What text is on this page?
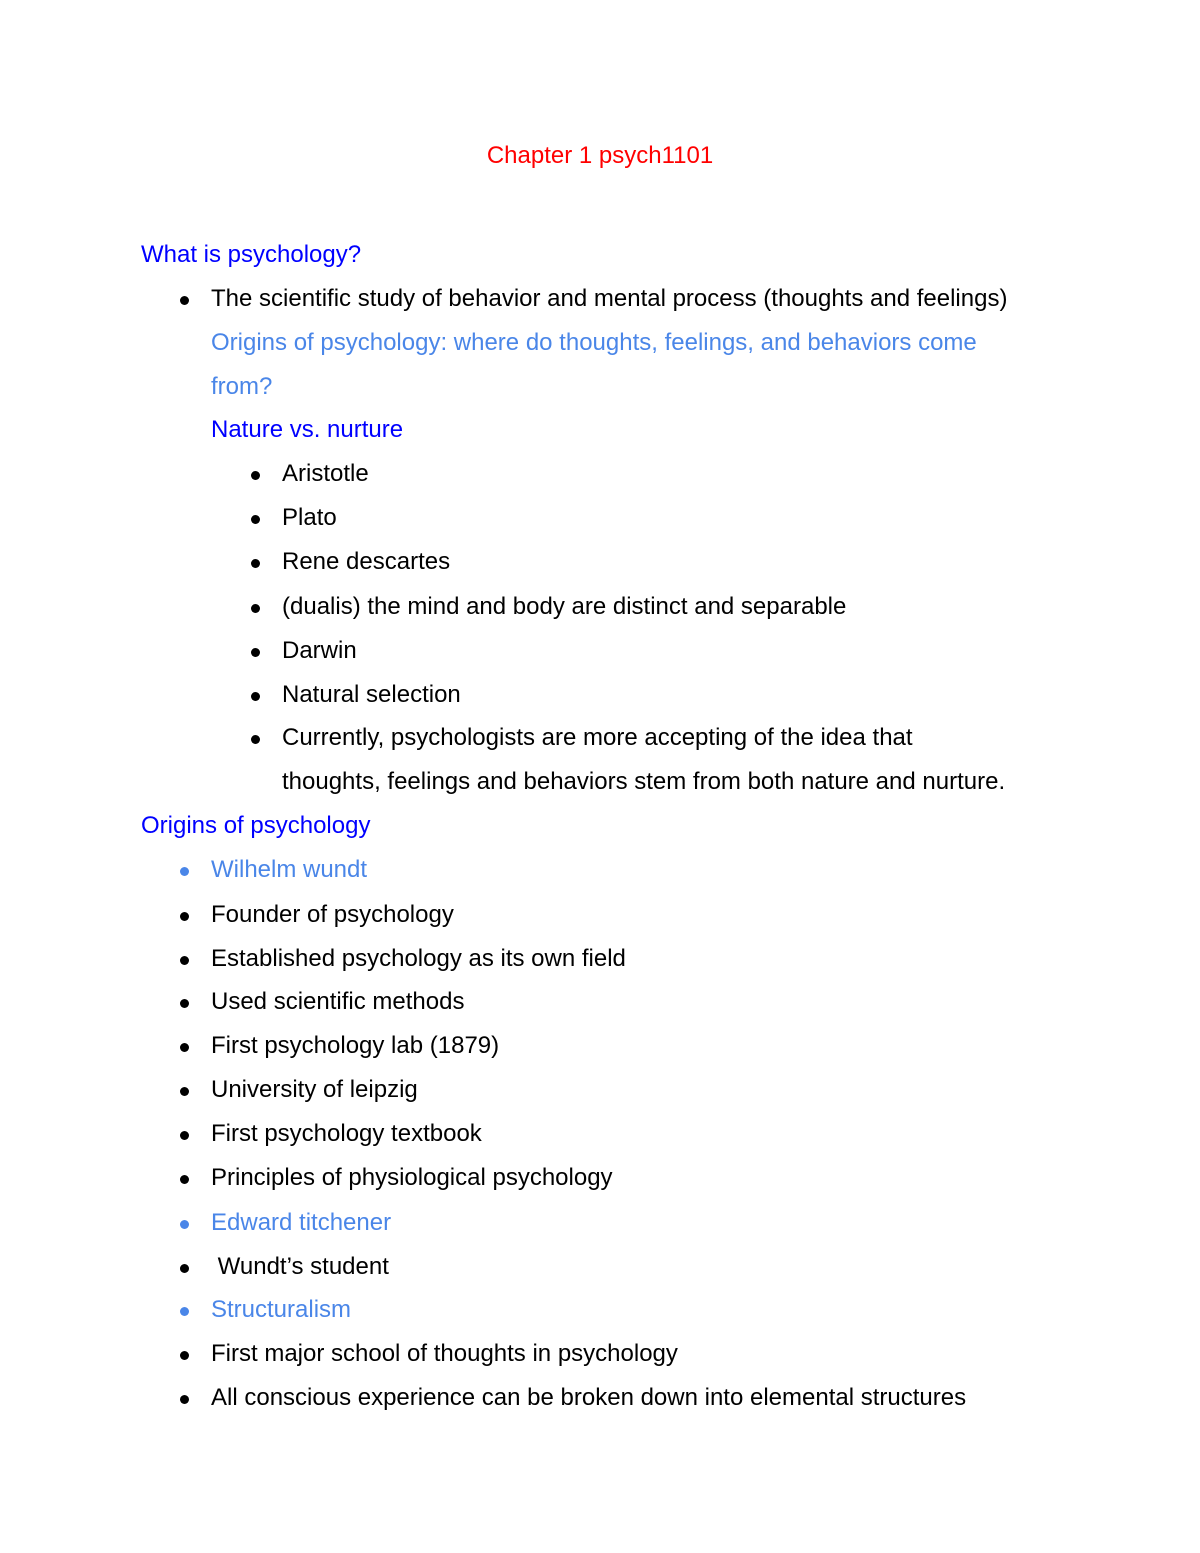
Chapter 1 psych1101
What is psychology?
The scientific study of behavior and mental process (thoughts and feelings)
Origins of psychology: where do thoughts, feelings, and behaviors come
from?
Nature vs. nurture
Aristotle
Plato
Rene descartes
(dualis) the mind and body are distinct and separable
Darwin
Natural selection
Currently, psychologists are more accepting of the idea that
thoughts, feelings and behaviors stem from both nature and nurture.
Origins of psychology
Wilhelm wundt
Founder of psychology
Established psychology as its own field
Used scientific methods
First psychology lab (1879)
University of leipzig
First psychology textbook
Principles of physiological psychology
Edward titchener
Wundt’s student
Structuralism
First major school of thoughts in psychology
All conscious experience can be broken down into elemental structures
